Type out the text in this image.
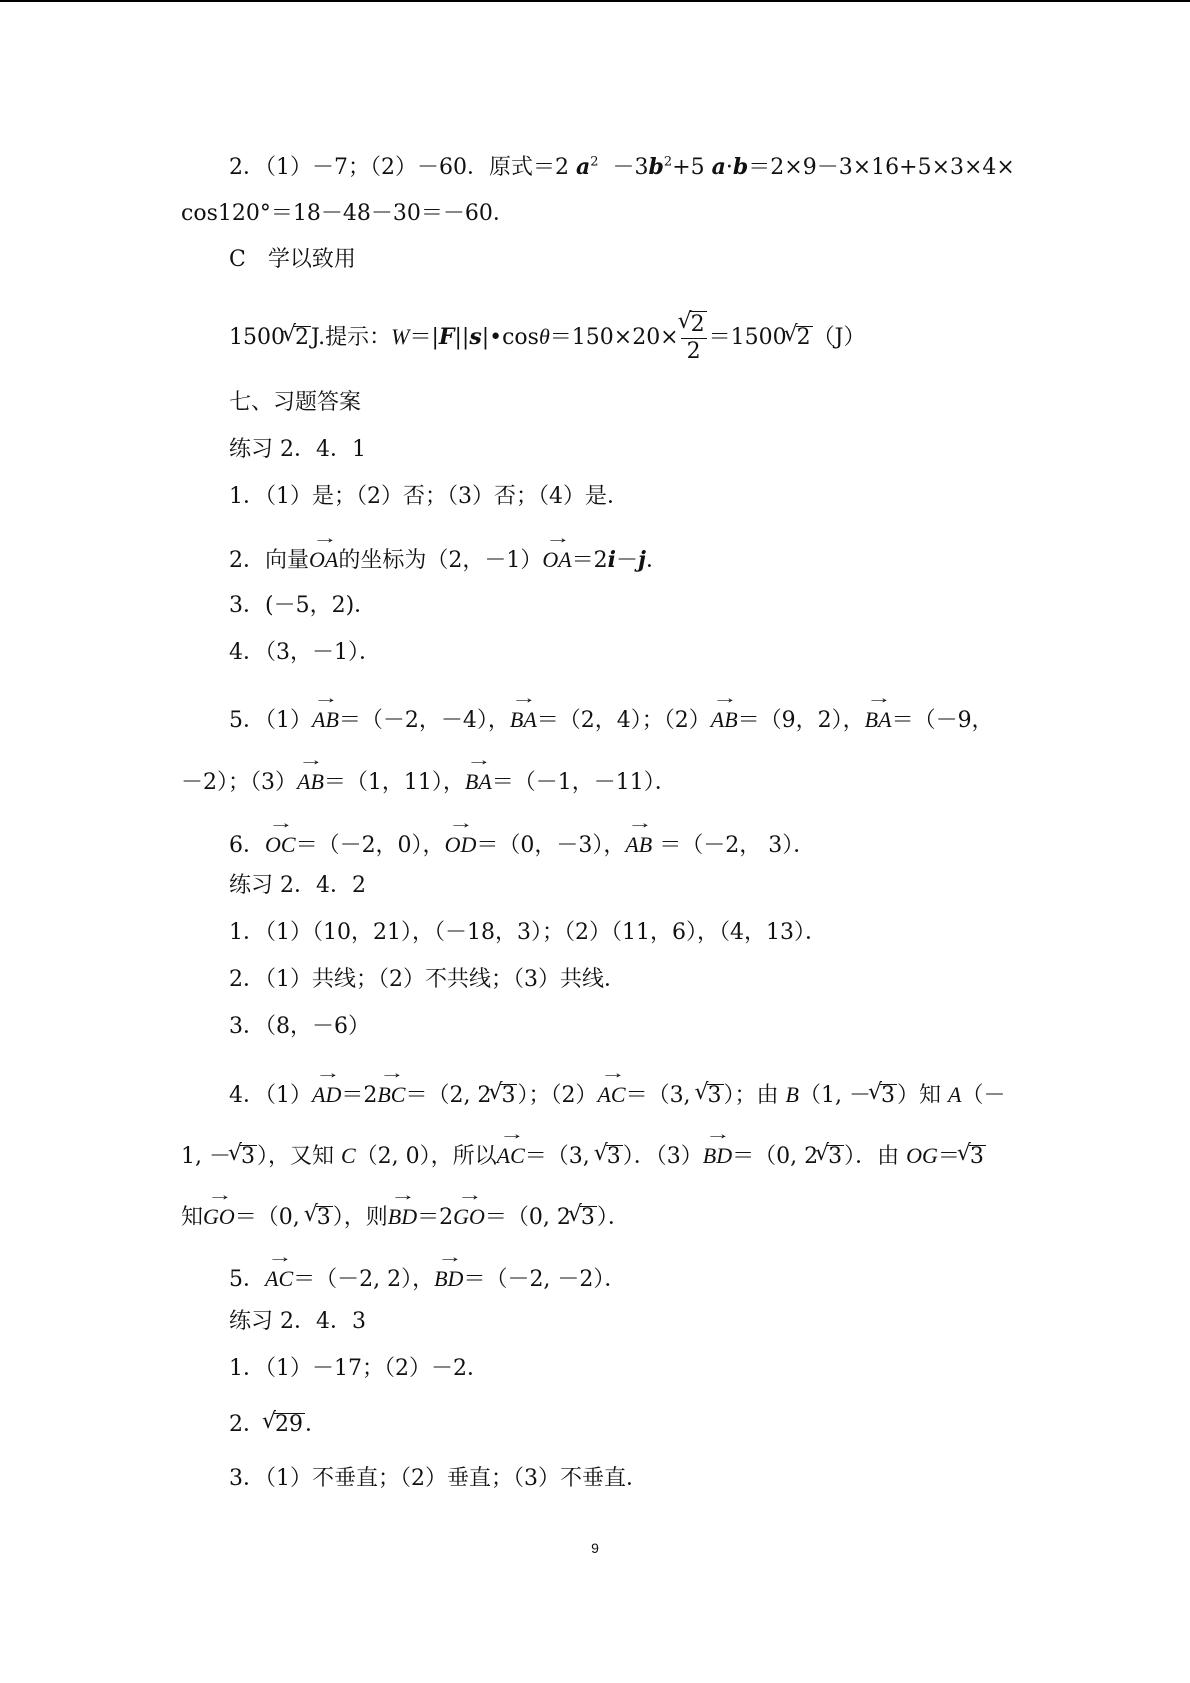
2．（1）－7；（2）－60．原式＝2 $a^2 -3b^2+5$ a·b＝2×9－3×16+5×3×4×
cos120°＝18－48－30＝－60．
C　学以致用
1500√ 2J.提示：W＝|F||s|•cosθ＝150×20×
√ $\frac{2}{2} =1500√$ 2（J）
七、习题答案
练习 2．4．1
1．（1）是；（2）否；（3）否；（4）是．
2．向量→ OA的坐标为（2，－1）→ OA＝2i－j．
3．(－5，2)．
4．（3，－1）．
5．（1）→ AB＝（－2，－4），→ BA＝（2，4）；（2）→ AB＝（9，2），→ BA＝（－9，
－2）；（3）→ AB＝（1，11），→ BA＝（－1，－11）．
6．→ OC＝（－2，0），→ OD＝（0，－3），→ AB ＝（－2， 3）．
练习 2．4．2
1．（1）（10，21），（－18，3）；（2）（11，6），（4，13）．
2．（1）共线；（2）不共线；（3）共线．
3．（8，－6）
4．（1）→ AD＝2→ BC＝（2, 2√ 3）；（2）→ AC＝（3, √ 3）；由 B（1, －√ 3）知 A（－
1, －√ 3），又知 C（2, 0），所以→ AC＝（3, √ 3）．（3）→ BD＝（0, 2√ 3）．由 OG＝√ 3
知→ GO＝（0, √ 3），则→ BD＝2→ GO＝（0, 2√ 3）．
5．→ AC＝（－2, 2），→ BD＝（－2, －2）．
练习 2．4．3
1．（1）－17；（2）－2．
2．√ 29．
3．（1）不垂直；（2）垂直；（3）不垂直．
9
